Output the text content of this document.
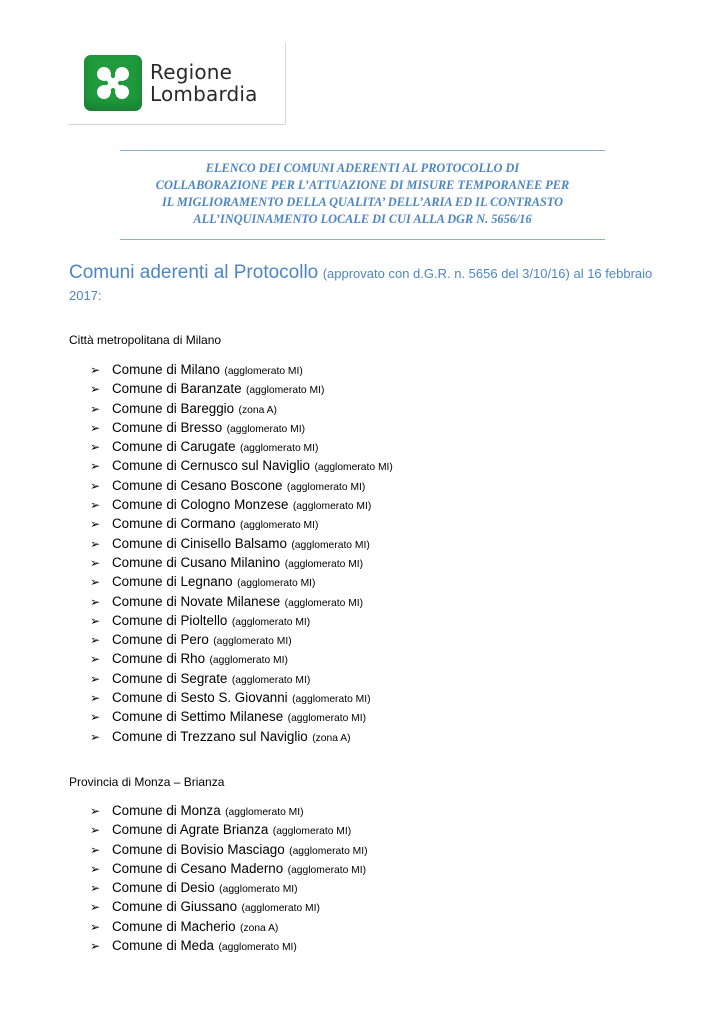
Regione
Lombardia
ELENCO DEI COMUNI ADERENTI AL PROTOCOLLO DI
COLLABORAZIONE PER L’ATTUAZIONE DI MISURE TEMPORANEE PER
IL MIGLIORAMENTO DELLA QUALITA’ DELL’ARIA ED IL CONTRASTO
ALL’INQUINAMENTO LOCALE DI CUI ALLA DGR N. 5656/16
Comuni aderenti al Protocollo (approvato con d.G.R. n. 5656 del 3/10/16) al 16 febbraio
2017:
Città metropolitana di Milano
➢ Comune di Milano (agglomerato MI)
➢ Comune di Baranzate (agglomerato MI)
➢ Comune di Bareggio (zona A)
➢ Comune di Bresso (agglomerato MI)
➢ Comune di Carugate (agglomerato MI)
➢ Comune di Cernusco sul Naviglio (agglomerato MI)
➢ Comune di Cesano Boscone (agglomerato MI)
➢ Comune di Cologno Monzese (agglomerato MI)
➢ Comune di Cormano (agglomerato MI)
➢ Comune di Cinisello Balsamo (agglomerato MI)
➢ Comune di Cusano Milanino (agglomerato MI)
➢ Comune di Legnano (agglomerato MI)
➢ Comune di Novate Milanese (agglomerato MI)
➢ Comune di Pioltello (agglomerato MI)
➢ Comune di Pero (agglomerato MI)
➢ Comune di Rho (agglomerato MI)
➢ Comune di Segrate (agglomerato MI)
➢ Comune di Sesto S. Giovanni (agglomerato MI)
➢ Comune di Settimo Milanese (agglomerato MI)
➢ Comune di Trezzano sul Naviglio (zona A)
Provincia di Monza – Brianza
➢ Comune di Monza (agglomerato MI)
➢ Comune di Agrate Brianza (agglomerato MI)
➢ Comune di Bovisio Masciago (agglomerato MI)
➢ Comune di Cesano Maderno (agglomerato MI)
➢ Comune di Desio (agglomerato MI)
➢ Comune di Giussano (agglomerato MI)
➢ Comune di Macherio (zona A)
➢ Comune di Meda (agglomerato MI)
